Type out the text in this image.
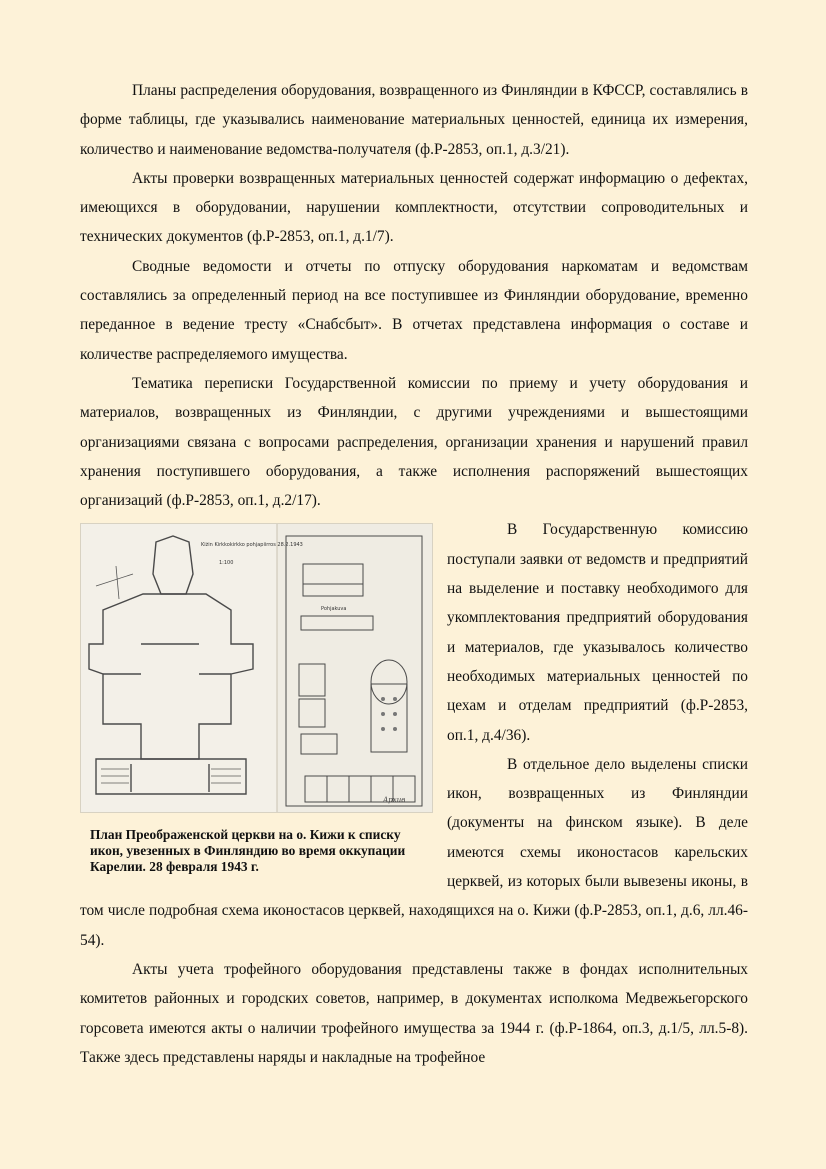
Планы распределения оборудования, возвращенного из Финляндии в КФССР, составлялись в форме таблицы, где указывались наименование материальных ценностей, единица их измерения, количество и наименование ведомства-получателя (ф.Р-2853, оп.1, д.3/21).

Акты проверки возвращенных материальных ценностей содержат информацию о дефектах, имеющихся в оборудовании, нарушении комплектности, отсутствии сопроводительных и технических документов (ф.Р-2853, оп.1, д.1/7).

Сводные ведомости и отчеты по отпуску оборудования наркоматам и ведомствам составлялись за определенный период на все поступившее из Финляндии оборудование, временно переданное в ведение тресту «Снабсбыт». В отчетах представлена информация о составе и количестве распределяемого имущества.

Тематика переписки Государственной комиссии по приему и учету оборудования и материалов, возвращенных из Финляндии, с другими учреждениями и вышестоящими организациями связана с вопросами распределения, организации хранения и нарушений правил хранения поступившего оборудования, а также исполнения распоряжений вышестоящих организаций (ф.Р-2853, оп.1, д.2/17).

Kiżin Kirkkokirkko pohjapiirros 28.2.1943
1:100
Pohjakuva
Архив
План Преображенской церкви на о. Кижи к списку икон, увезенных в Финляндию во время оккупации Карелии. 28 февраля 1943 г.

В Государственную комиссию поступали заявки от ведомств и предприятий на выделение и поставку необходимого для укомплектования предприятий оборудования и материалов, где указывалось количество необходимых материальных ценностей по цехам и отделам предприятий (ф.Р-2853, оп.1, д.4/36).

В отдельное дело выделены списки икон, возвращенных из Финляндии (документы на финском языке). В деле имеются схемы иконостасов карельских церквей, из которых были вывезены иконы, в том числе подробная схема иконостасов церквей, находящихся на о. Кижи (ф.Р-2853, оп.1, д.6, лл.46-54).

Акты учета трофейного оборудования представлены также в фондах исполнительных комитетов районных и городских советов, например, в документах исполкома Медвежьегорского горсовета имеются акты о наличии трофейного имущества за 1944 г. (ф.Р-1864, оп.3, д.1/5, лл.5-8). Также здесь представлены наряды и накладные на трофейное
